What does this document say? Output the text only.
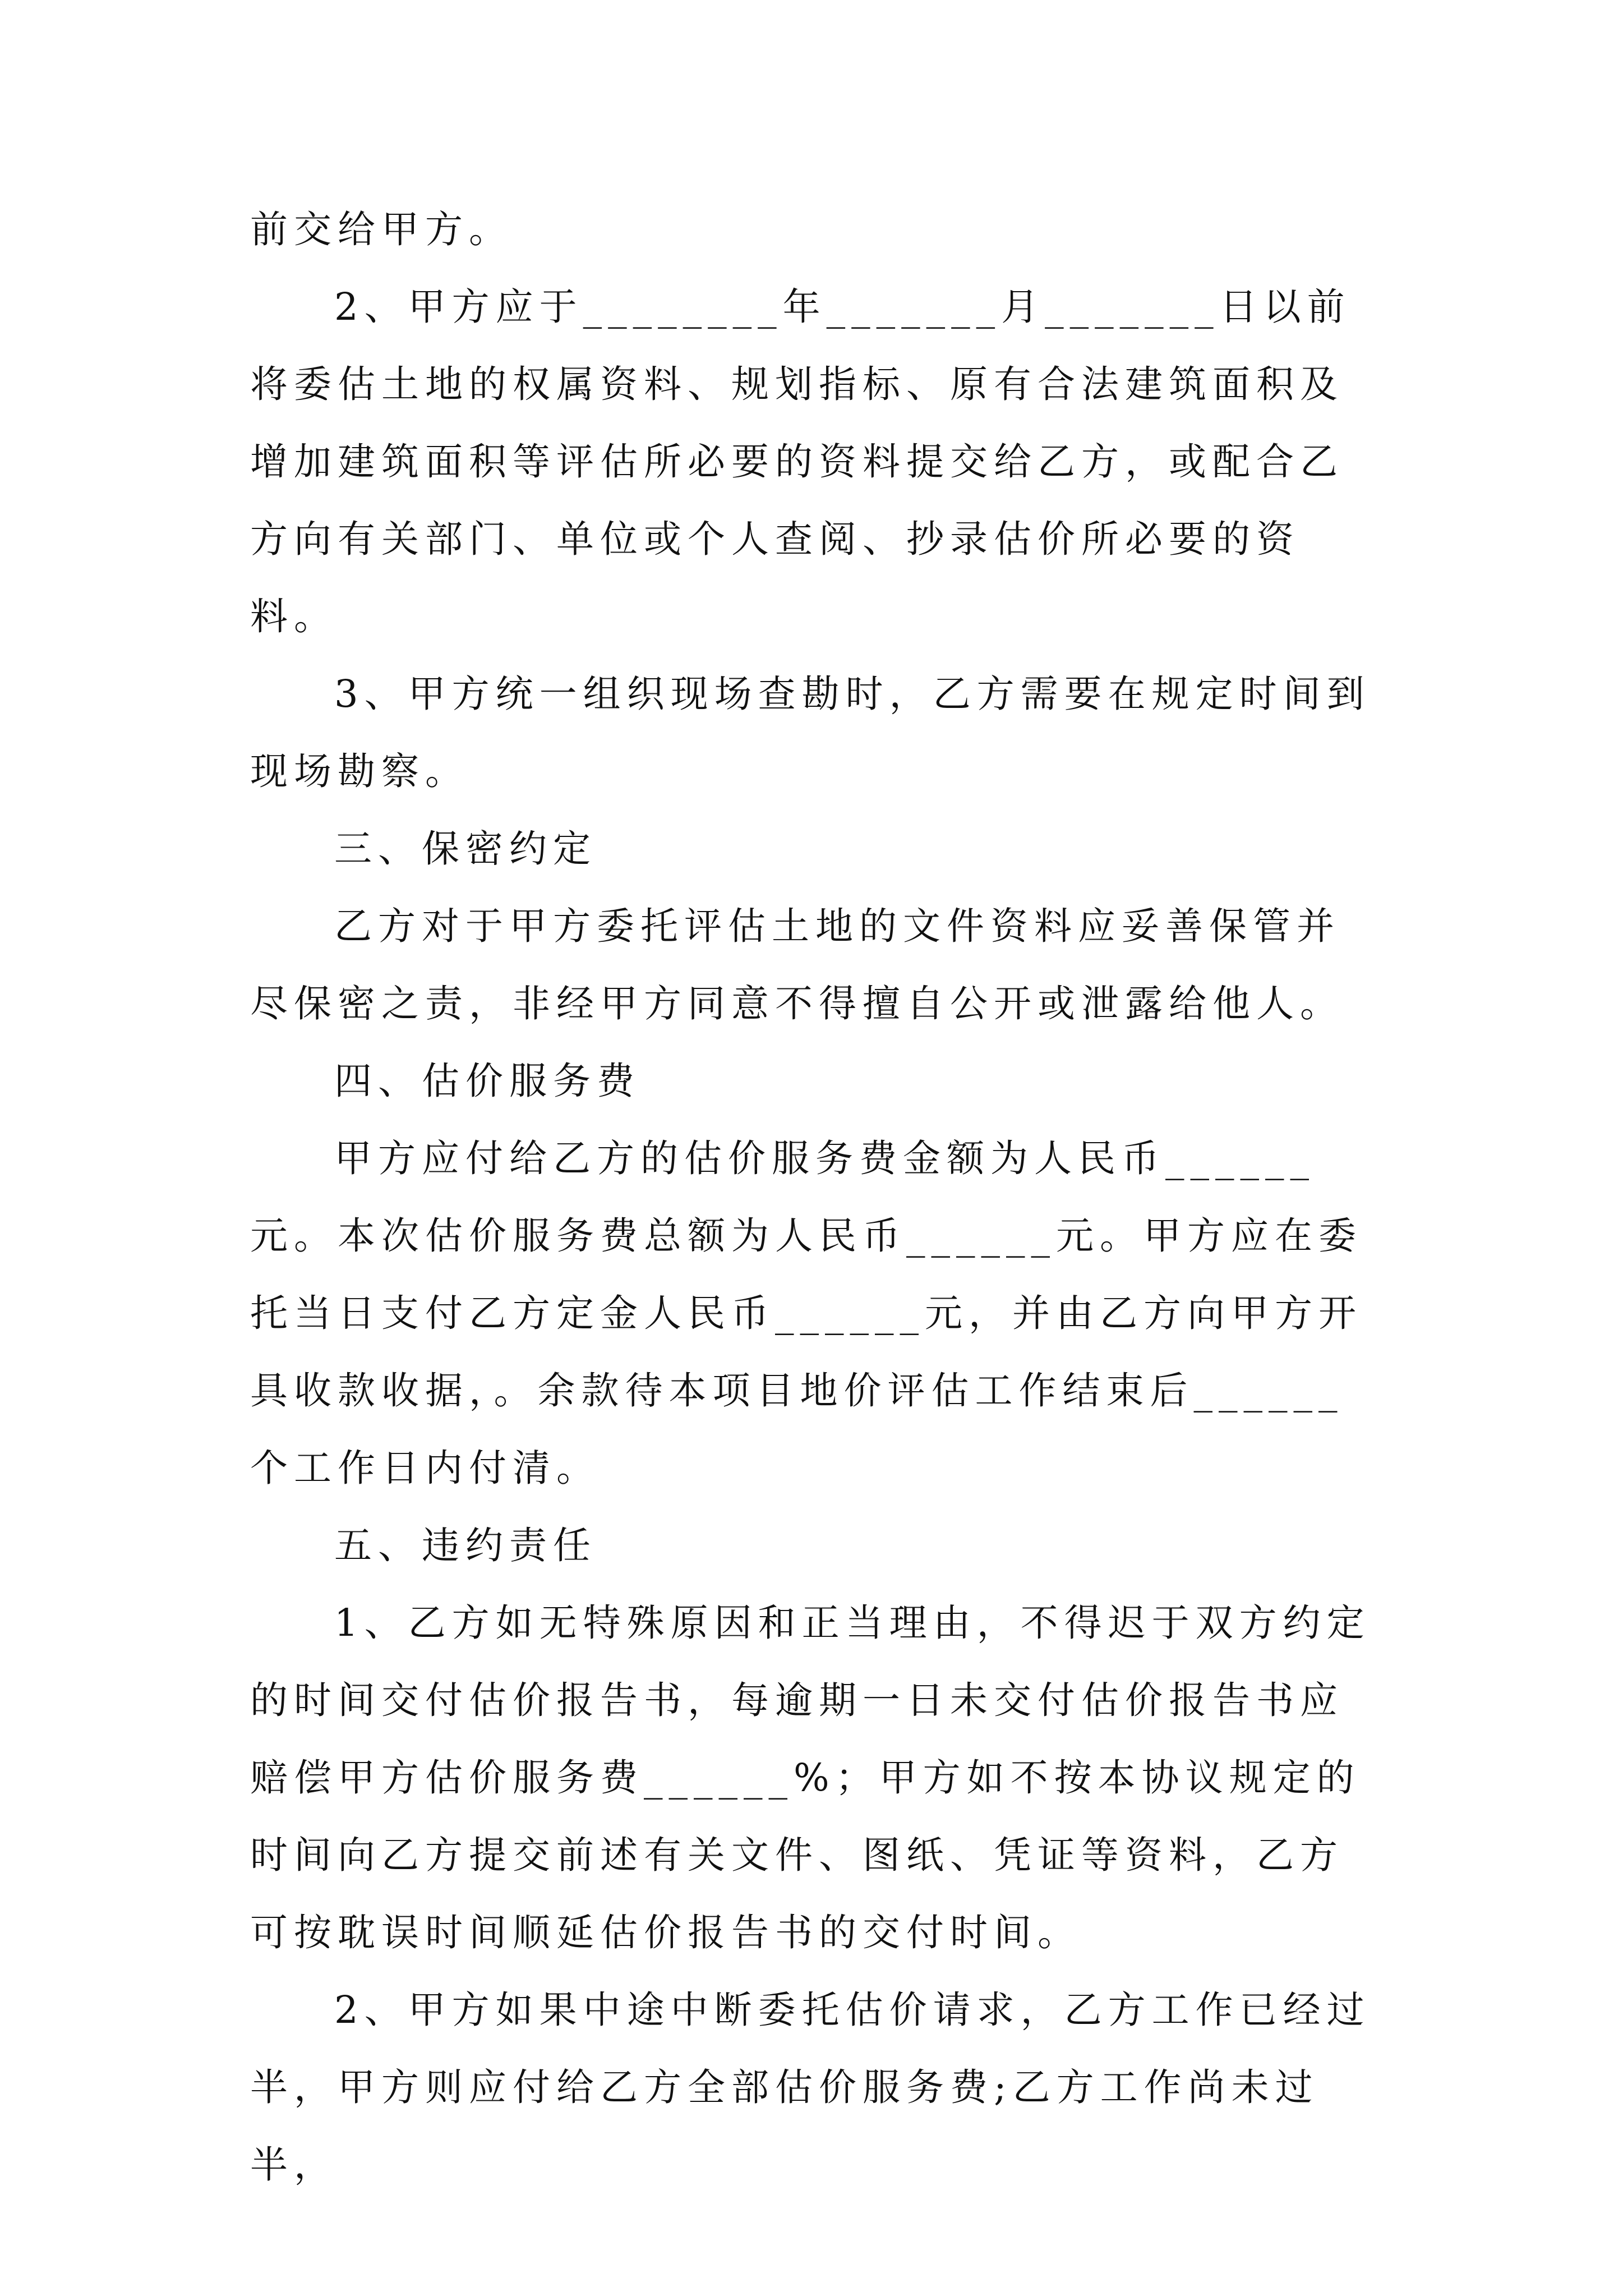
前交给甲方。

2、甲方应于________年_______月_______日以前将委估土地的权属资料、规划指标、原有合法建筑面积及增加建筑面积等评估所必要的资料提交给乙方，或配合乙方向有关部门、单位或个人查阅、抄录估价所必要的资料。

3、甲方统一组织现场查勘时，乙方需要在规定时间到现场勘察。

三、保密约定

乙方对于甲方委托评估土地的文件资料应妥善保管并尽保密之责，非经甲方同意不得擅自公开或泄露给他人。

四、估价服务费

甲方应付给乙方的估价服务费金额为人民币______元。本次估价服务费总额为人民币______元。甲方应在委托当日支付乙方定金人民币______元，并由乙方向甲方开具收款收据，。余款待本项目地价评估工作结束后______个工作日内付清。

五、违约责任

1、乙方如无特殊原因和正当理由，不得迟于双方约定的时间交付估价报告书，每逾期一日未交付估价报告书应赔偿甲方估价服务费______%；甲方如不按本协议规定的时间向乙方提交前述有关文件、图纸、凭证等资料，乙方可按耽误时间顺延估价报告书的交付时间。

2、甲方如果中途中断委托估价请求，乙方工作已经过半，甲方则应付给乙方全部估价服务费;乙方工作尚未过半，
